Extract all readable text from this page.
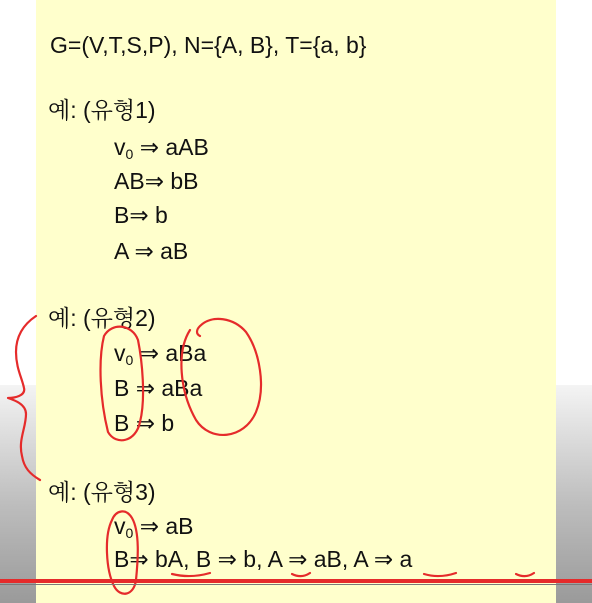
G=(V,T,S,P), N={A, B}, T={a, b}
예: (유형1)
$v_0$ ⇒ aAB
AB⇒ bB
B⇒ b
A ⇒ aB
예: (유형2)
$v_0$ ⇒ aBa
B ⇒ aBa
B ⇒ b
예: (유형3)
$v_0$ ⇒ aB
B⇒ bA, B ⇒ b, A ⇒ aB, A ⇒ a
